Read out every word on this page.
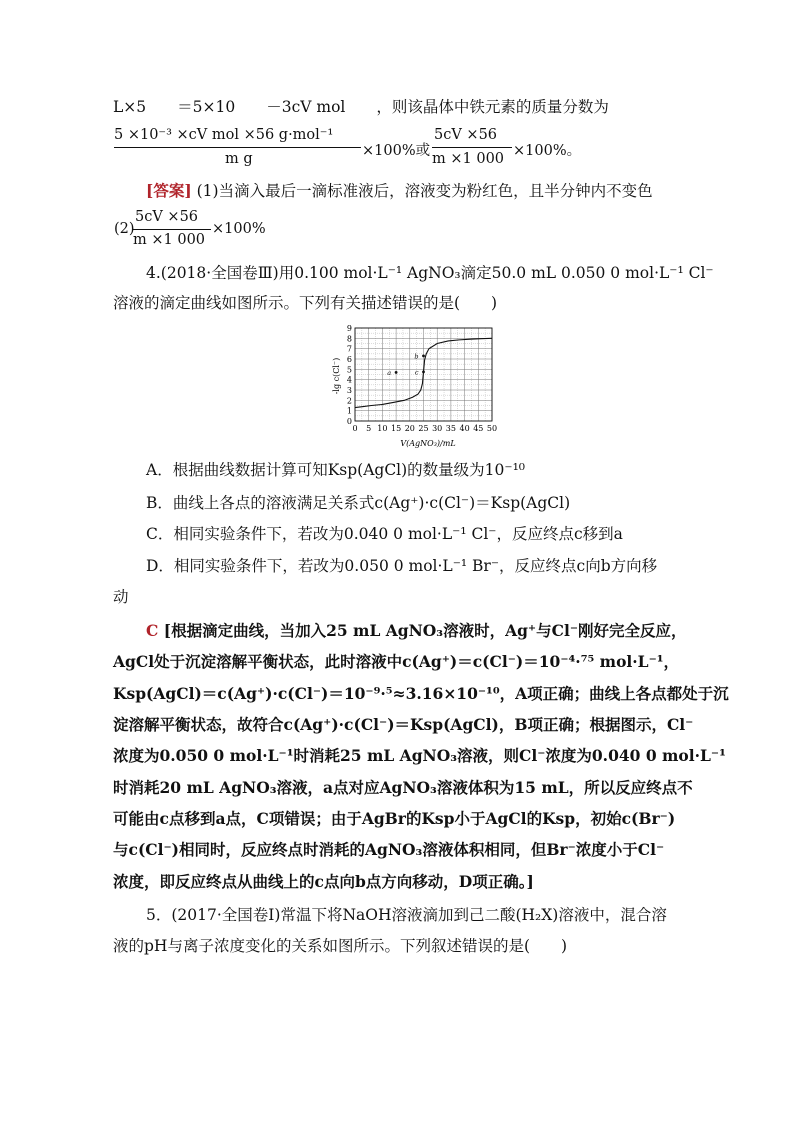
L×5　　＝5×10　　－3cV mol　　，则该晶体中铁元素的质量分数为
5 ×10⁻³ ×cV mol ×56 g·mol⁻¹
m g	×100%或
5cV ×56
m ×1 000 ×100%。
[答案] (1)当滴入最后一滴标准液后，溶液变为粉红色，且半分钟内不变色
(2)
5cV ×56
m ×1 000
×100%
4.(2018·全国卷Ⅲ)用0.100 mol·L⁻¹ AgNO₃滴定50.0 mL 0.050 0 mol·L⁻¹ Cl⁻
溶液的滴定曲线如图所示。下列有关描述错误的是(　　)
0 5 10 15 20 25 30 35 40 45 50
0
1
2
3
4
5
6
7
8
9
a
b
c
V(AgNO₃)/mL
-lg c(Cl⁻)
A．根据曲线数据计算可知Ksp(AgCl)的数量级为10⁻¹⁰
B．曲线上各点的溶液满足关系式c(Ag⁺)·c(Cl⁻)＝Ksp(AgCl)
C．相同实验条件下，若改为0.040 0 mol·L⁻¹ Cl⁻，反应终点c移到a
D．相同实验条件下，若改为0.050 0 mol·L⁻¹ Br⁻，反应终点c向b方向移
动
C [根据滴定曲线，当加入25 mL AgNO₃溶液时，Ag⁺与Cl⁻刚好完全反应，
AgCl处于沉淀溶解平衡状态，此时溶液中c(Ag⁺)＝c(Cl⁻)＝10⁻⁴·⁷⁵ mol·L⁻¹，
Ksp(AgCl)＝c(Ag⁺)·c(Cl⁻)＝10⁻⁹·⁵≈3.16×10⁻¹⁰，A项正确；曲线上各点都处于沉
淀溶解平衡状态，故符合c(Ag⁺)·c(Cl⁻)＝Ksp(AgCl)，B项正确；根据图示，Cl⁻
浓度为0.050 0 mol·L⁻¹时消耗25 mL AgNO₃溶液，则Cl⁻浓度为0.040 0 mol·L⁻¹
时消耗20 mL AgNO₃溶液，a点对应AgNO₃溶液体积为15 mL，所以反应终点不
可能由c点移到a点，C项错误；由于AgBr的Ksp小于AgCl的Ksp，初始c(Br⁻)
与c(Cl⁻)相同时，反应终点时消耗的AgNO₃溶液体积相同，但Br⁻浓度小于Cl⁻
浓度，即反应终点从曲线上的c点向b点方向移动，D项正确。]
5．(2017·全国卷Ⅰ)常温下将NaOH溶液滴加到己二酸(H₂X)溶液中，混合溶
液的pH与离子浓度变化的关系如图所示。下列叙述错误的是(　　)
